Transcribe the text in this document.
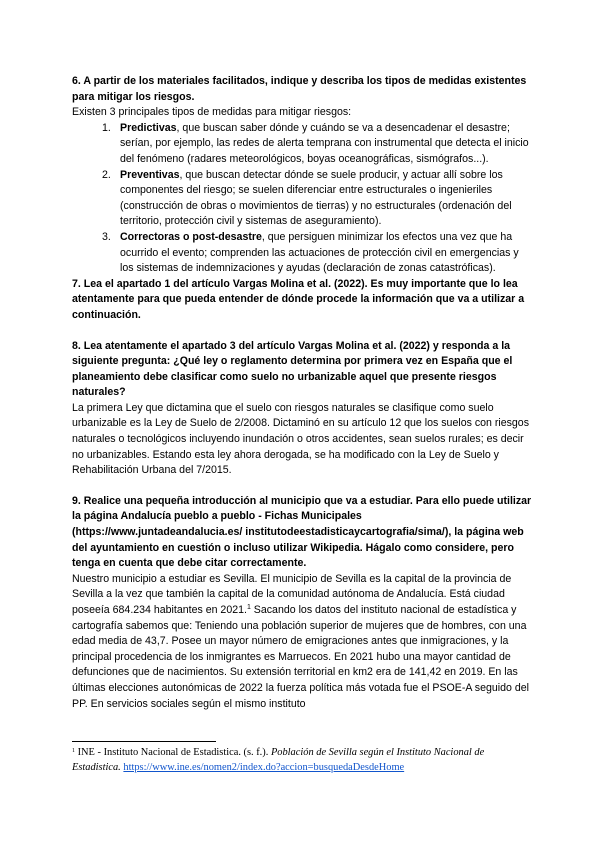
6. A partir de los materiales facilitados, indique y describa los tipos de medidas existentes para mitigar los riesgos.

Existen 3 principales tipos de medidas para mitigar riesgos:

1. Predictivas, que buscan saber dónde y cuándo se va a desencadenar el desastre; serían, por ejemplo, las redes de alerta temprana con instrumental que detecta el inicio del fenómeno (radares meteorológicos, boyas oceanográficas, sismógrafos...).
2. Preventivas, que buscan detectar dónde se suele producir, y actuar allí sobre los componentes del riesgo; se suelen diferenciar entre estructurales o ingenieriles (construcción de obras o movimientos de tierras) y no estructurales (ordenación del territorio, protección civil y sistemas de aseguramiento).
3. Correctoras o post-desastre, que persiguen minimizar los efectos una vez que ha ocurrido el evento; comprenden las actuaciones de protección civil en emergencias y los sistemas de indemnizaciones y ayudas (declaración de zonas catastróficas).

7. Lea el apartado 1 del artículo Vargas Molina et al. (2022). Es muy importante que lo lea atentamente para que pueda entender de dónde procede la información que va a utilizar a continuación.

8. Lea atentamente el apartado 3 del artículo Vargas Molina et al. (2022) y responda a la siguiente pregunta: ¿Qué ley o reglamento determina por primera vez en España que el planeamiento debe clasificar como suelo no urbanizable aquel que presente riesgos naturales?

La primera Ley que dictamina que el suelo con riesgos naturales se clasifique como suelo urbanizable es la Ley de Suelo de 2/2008. Dictaminó en su artículo 12 que los suelos con riesgos naturales o tecnológicos incluyendo inundación o otros accidentes, sean suelos rurales; es decir no urbanizables. Estando esta ley ahora derogada, se ha modificado con la Ley de Suelo y Rehabilitación Urbana del 7/2015.

9. Realice una pequeña introducción al municipio que va a estudiar. Para ello puede utilizar la página Andalucía pueblo a pueblo - Fichas Municipales (https://www.juntadeandalucia.es/ institutodeestadisticaycartografia/sima/), la página web del ayuntamiento en cuestión o incluso utilizar Wikipedia. Hágalo como considere, pero tenga en cuenta que debe citar correctamente.

Nuestro municipio a estudiar es Sevilla. El municipio de Sevilla es la capital de la provincia de Sevilla a la vez que también la capital de la comunidad autónoma de Andalucía. Está ciudad poseeía 684.234 habitantes en 2021.$^1$ Sacando los datos del instituto nacional de estadística y cartografía sabemos que: Teniendo una población superior de mujeres que de hombres, con una edad media de 43,7. Posee un mayor número de emigraciones antes que inmigraciones, y la principal procedencia de los inmigrantes es Marruecos. En 2021 hubo una mayor cantidad de defunciones que de nacimientos. Su extensión territorial en km2 era de 141,42 en 2019. En las últimas elecciones autonómicas de 2022 la fuerza política más votada fue el PSOE-A seguido del PP. En servicios sociales según el mismo instituto

$^1$ INE - Instituto Nacional de Estadistica. (s. f.). Población de Sevilla según el Instituto Nacional de Estadistica. https://www.ine.es/nomen2/index.do?accion=busquedaDesdeHome
